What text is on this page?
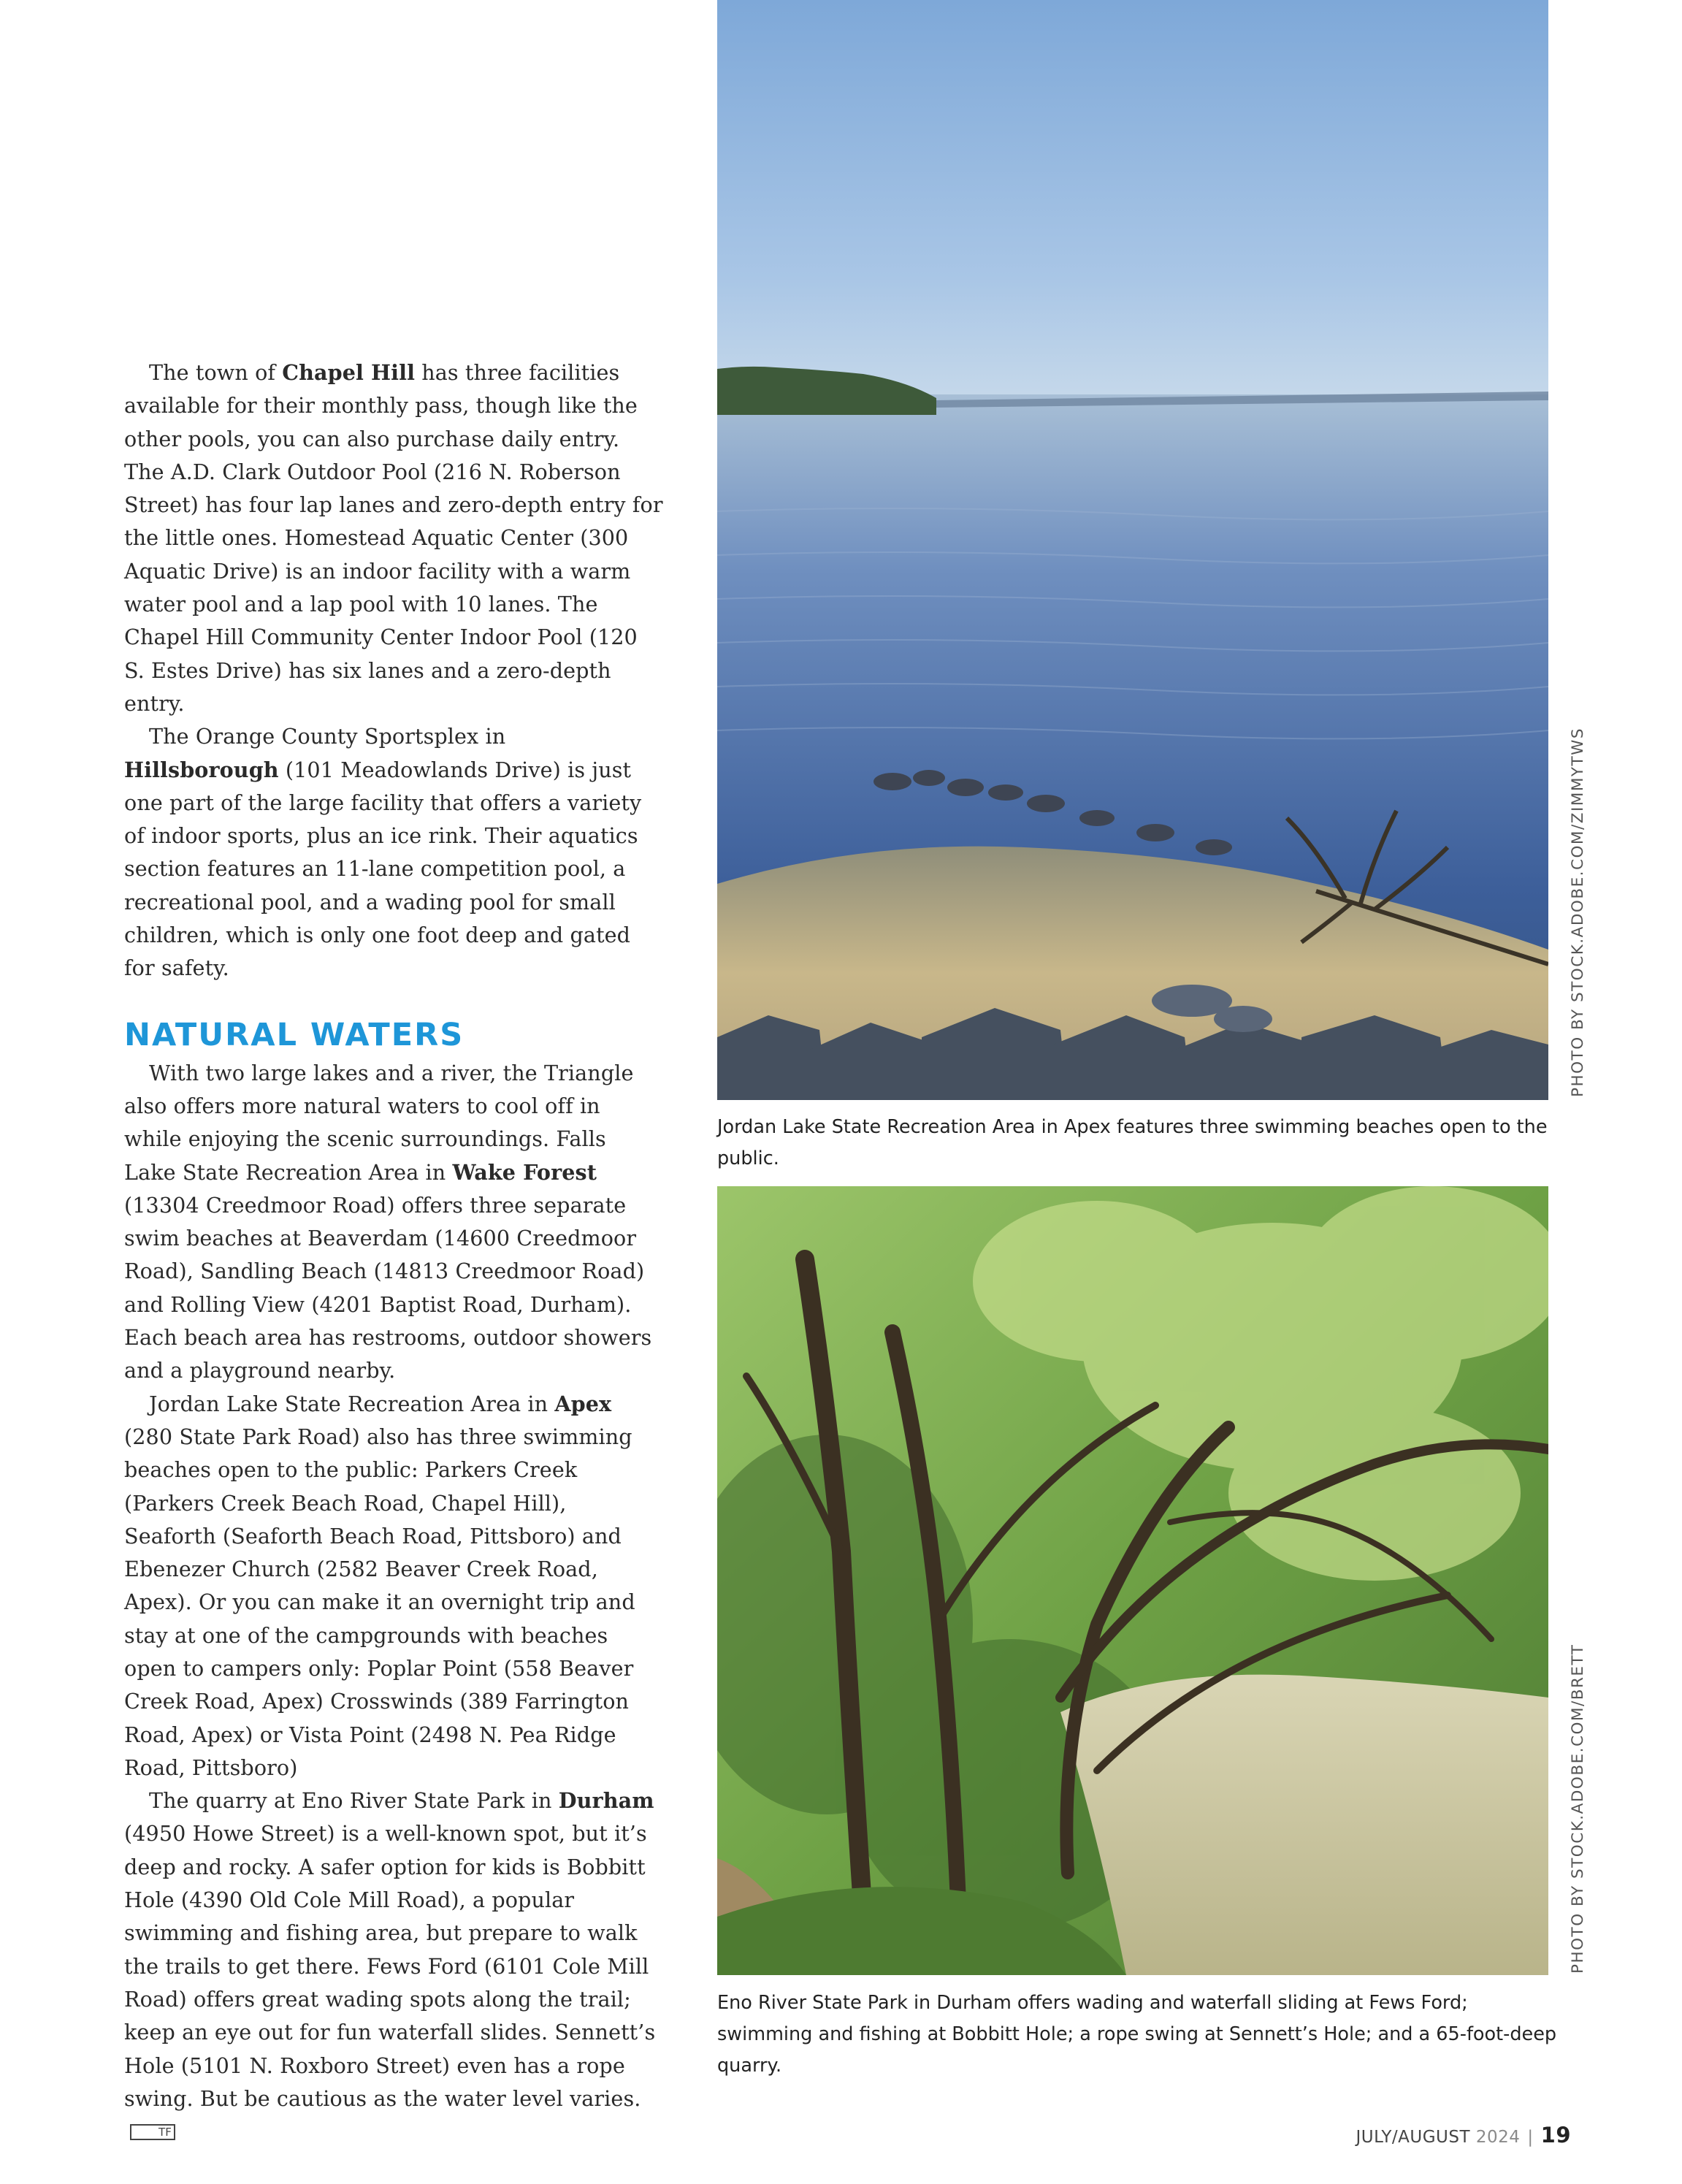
The town of Chapel Hill has three facilities available for their monthly pass, though like the other pools, you can also purchase daily entry. The A.D. Clark Outdoor Pool (216 N. Roberson Street) has four lap lanes and zero-depth entry for the little ones. Homestead Aquatic Center (300 Aquatic Drive) is an indoor facility with a warm water pool and a lap pool with 10 lanes. The Chapel Hill Community Center Indoor Pool (120 S. Estes Drive) has six lanes and a zero-depth entry.

The Orange County Sportsplex in Hillsborough (101 Meadowlands Drive) is just one part of the large facility that offers a variety of indoor sports, plus an ice rink. Their aquatics section features an 11-lane competition pool, a recreational pool, and a wading pool for small children, which is only one foot deep and gated for safety.

NATURAL WATERS

With two large lakes and a river, the Triangle also offers more natural waters to cool off in while enjoying the scenic surroundings. Falls Lake State Recreation Area in Wake Forest (13304 Creedmoor Road) offers three separate swim beaches at Beaverdam (14600 Creedmoor Road), Sandling Beach (14813 Creedmoor Road) and Rolling View (4201 Baptist Road, Durham). Each beach area has restrooms, outdoor showers and a playground nearby.

Jordan Lake State Recreation Area in Apex (280 State Park Road) also has three swimming beaches open to the public: Parkers Creek (Parkers Creek Beach Road, Chapel Hill), Seaforth (Seaforth Beach Road, Pittsboro) and Ebenezer Church (2582 Beaver Creek Road, Apex). Or you can make it an overnight trip and stay at one of the campgrounds with beaches open to campers only: Poplar Point (558 Beaver Creek Road, Apex) Crosswinds (389 Farrington Road, Apex) or Vista Point (2498 N. Pea Ridge Road, Pittsboro)

The quarry at Eno River State Park in Durham (4950 Howe Street) is a well-known spot, but it’s deep and rocky. A safer option for kids is Bobbitt Hole (4390 Old Cole Mill Road), a popular swimming and fishing area, but prepare to walk the trails to get there. Fews Ford (6101 Cole Mill Road) offers great wading spots along the trail; keep an eye out for fun waterfall slides. Sennett’s Hole (5101 N. Roxboro Street) even has a rope swing. But be cautious as the water level varies.TF

Jordan Lake State Recreation Area in Apex features three swimming beaches open to the public.
PHOTO BY STOCK.ADOBE.COM/ZIMMYTWS
Eno River State Park in Durham offers wading and waterfall sliding at Fews Ford; swimming and fishing at Bobbitt Hole; a rope swing at Sennett’s Hole; and a 65-foot-deep quarry.
PHOTO BY STOCK.ADOBE.COM/BRETT
JULY/AUGUST 2024 | 19
